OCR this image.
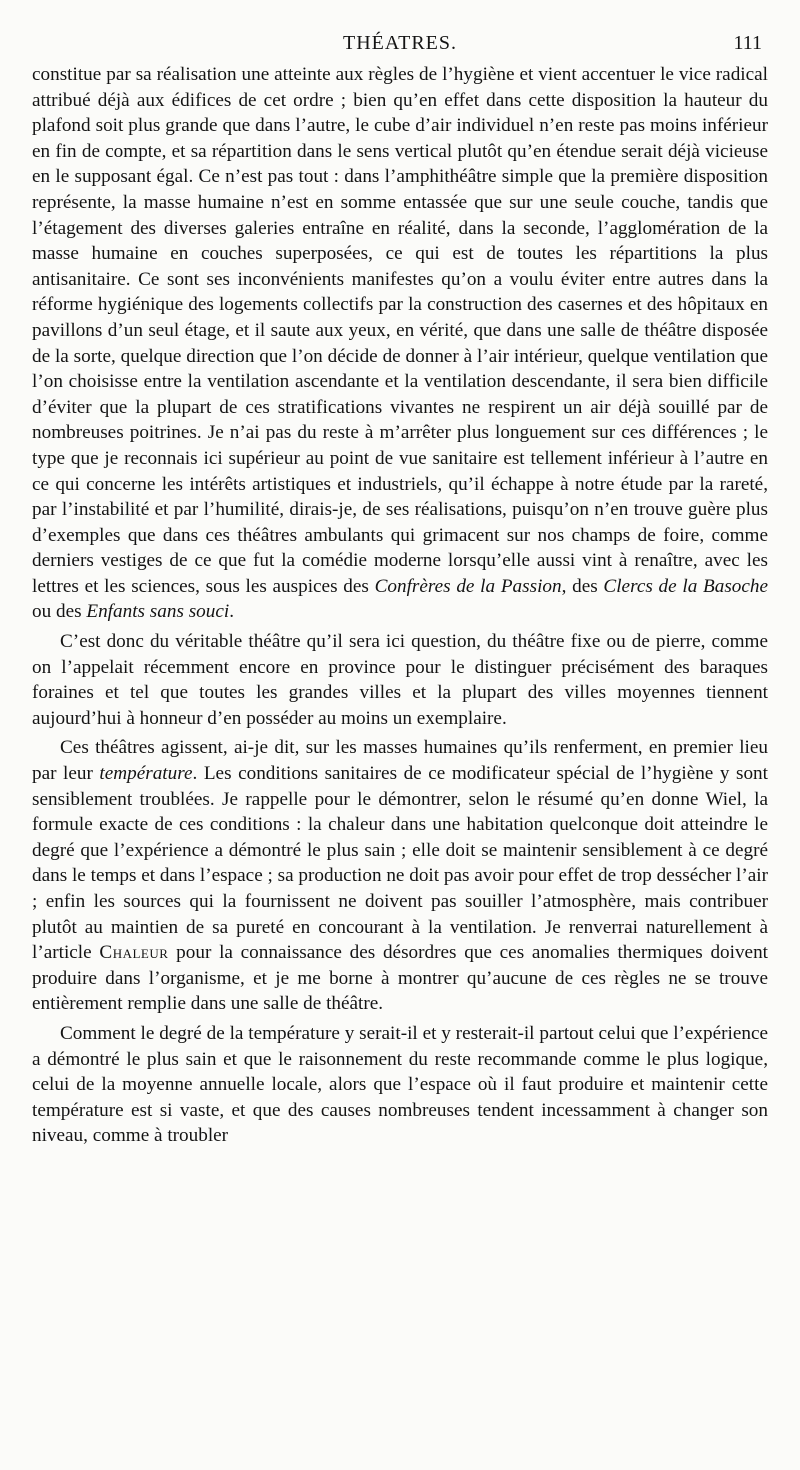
THÉATRES.	111

constitue par sa réalisation une atteinte aux règles de l’hygiène et vient accentuer le vice radical attribué déjà aux édifices de cet ordre ; bien qu’en effet dans cette disposition la hauteur du plafond soit plus grande que dans l’autre, le cube d’air individuel n’en reste pas moins inférieur en fin de compte, et sa répartition dans le sens vertical plutôt qu’en étendue serait déjà vicieuse en le supposant égal. Ce n’est pas tout : dans l’amphithéâtre simple que la première disposition représente, la masse humaine n’est en somme entassée que sur une seule couche, tandis que l’étagement des diverses galeries entraîne en réalité, dans la seconde, l’agglomération de la masse humaine en couches superposées, ce qui est de toutes les répartitions la plus antisanitaire. Ce sont ses inconvénients manifestes qu’on a voulu éviter entre autres dans la réforme hygiénique des logements collectifs par la construction des casernes et des hôpitaux en pavillons d’un seul étage, et il saute aux yeux, en vérité, que dans une salle de théâtre disposée de la sorte, quelque direction que l’on décide de donner à l’air intérieur, quelque ventilation que l’on choisisse entre la ventilation ascendante et la ventilation descendante, il sera bien difficile d’éviter que la plupart de ces stratifications vivantes ne respirent un air déjà souillé par de nombreuses poitrines. Je n’ai pas du reste à m’arrêter plus longuement sur ces différences ; le type que je reconnais ici supérieur au point de vue sanitaire est tellement inférieur à l’autre en ce qui concerne les intérêts artistiques et industriels, qu’il échappe à notre étude par la rareté, par l’instabilité et par l’humilité, dirais-je, de ses réalisations, puisqu’on n’en trouve guère plus d’exemples que dans ces théâtres ambulants qui grimacent sur nos champs de foire, comme derniers vestiges de ce que fut la comédie moderne lorsqu’elle aussi vint à renaître, avec les lettres et les sciences, sous les auspices des Confrères de la Passion, des Clercs de la Basoche ou des Enfants sans souci.

C’est donc du véritable théâtre qu’il sera ici question, du théâtre fixe ou de pierre, comme on l’appelait récemment encore en province pour le distinguer précisément des baraques foraines et tel que toutes les grandes villes et la plupart des villes moyennes tiennent aujourd’hui à honneur d’en posséder au moins un exemplaire.

Ces théâtres agissent, ai-je dit, sur les masses humaines qu’ils renferment, en premier lieu par leur température. Les conditions sanitaires de ce modificateur spécial de l’hygiène y sont sensiblement troublées. Je rappelle pour le démontrer, selon le résumé qu’en donne Wiel, la formule exacte de ces conditions : la chaleur dans une habitation quelconque doit atteindre le degré que l’expérience a démontré le plus sain ; elle doit se maintenir sensiblement à ce degré dans le temps et dans l’espace ; sa production ne doit pas avoir pour effet de trop dessécher l’air ; enfin les sources qui la fournissent ne doivent pas souiller l’atmosphère, mais contribuer plutôt au maintien de sa pureté en concourant à la ventilation. Je renverrai naturellement à l’article Chaleur pour la connaissance des désordres que ces anomalies thermiques doivent produire dans l’organisme, et je me borne à montrer qu’aucune de ces règles ne se trouve entièrement remplie dans une salle de théâtre.

Comment le degré de la température y serait-il et y resterait-il partout celui que l’expérience a démontré le plus sain et que le raisonnement du reste recommande comme le plus logique, celui de la moyenne annuelle locale, alors que l’espace où il faut produire et maintenir cette température est si vaste, et que des causes nombreuses tendent incessamment à changer son niveau, comme à troubler
